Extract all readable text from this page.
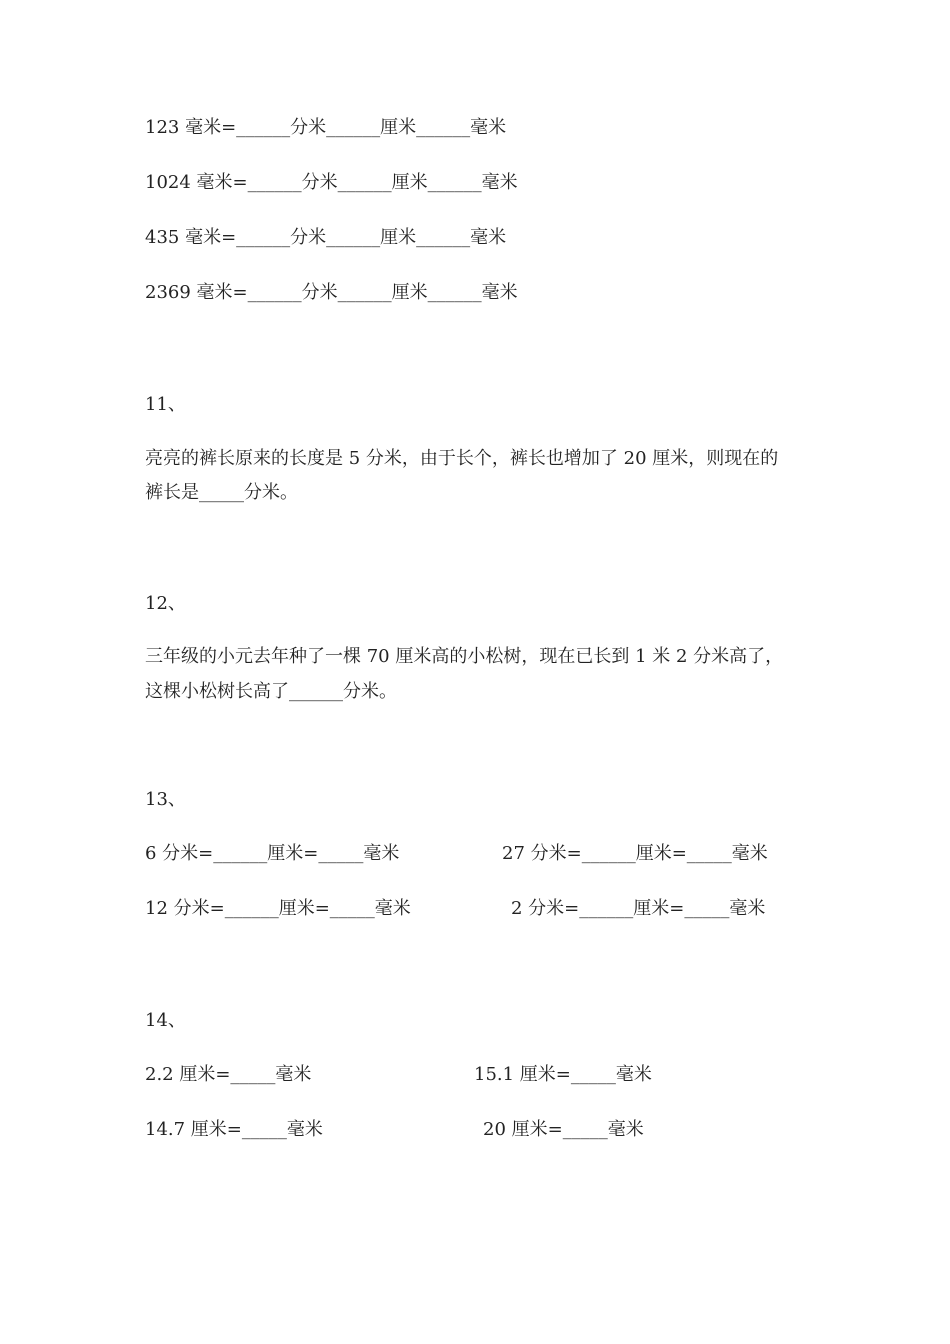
123 毫米=______分米______厘米______毫米
1024 毫米=______分米______厘米______毫米
435 毫米=______分米______厘米______毫米
2369 毫米=______分米______厘米______毫米
11、
亮亮的裤长原来的长度是 5 分米，由于长个，裤长也增加了 20 厘米，则现在的
裤长是_____分米。
12、
三年级的小元去年种了一棵 70 厘米高的小松树，现在已长到 1 米 2 分米高了，
这棵小松树长高了______分米。
13、
6 分米=______厘米=_____毫米	27 分米=______厘米=_____毫米
12 分米=______厘米=_____毫米	2 分米=______厘米=_____毫米
14、
2.2 厘米=_____毫米	15.1 厘米=_____毫米
14.7 厘米=_____毫米	20 厘米=_____毫米
